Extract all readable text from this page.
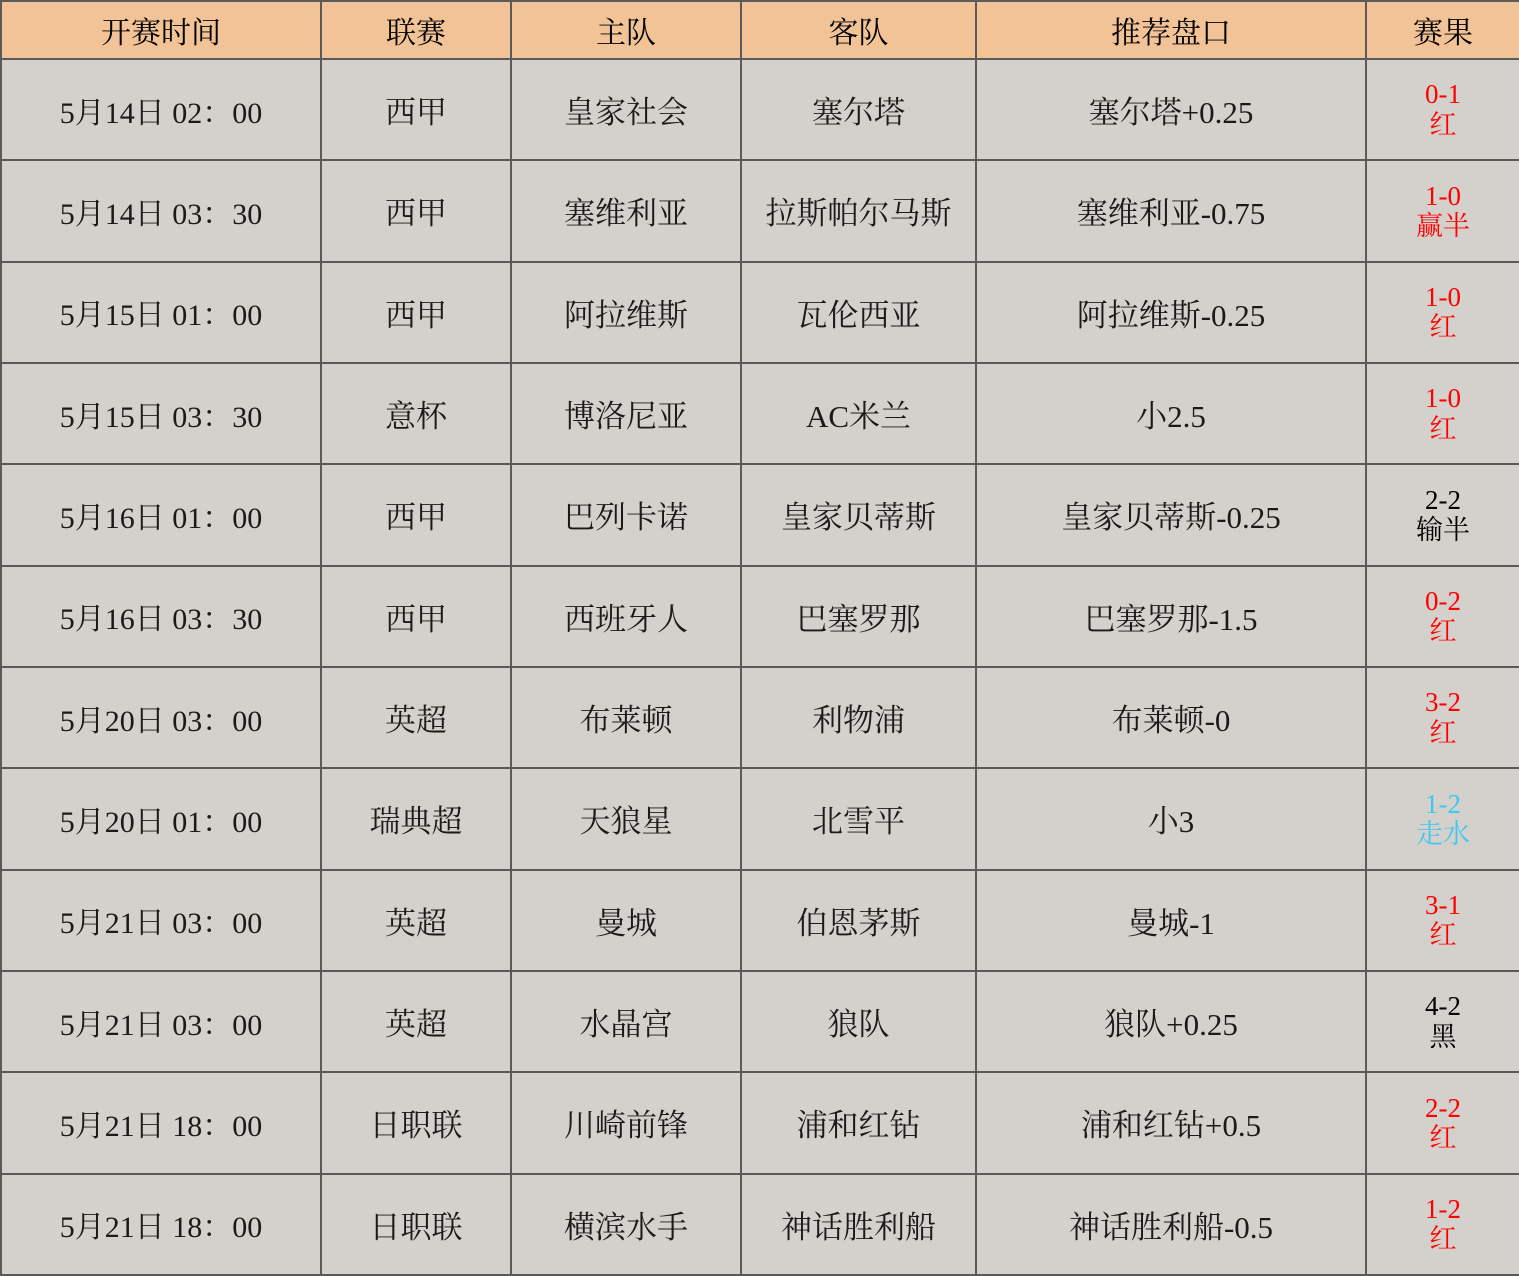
开赛时间	联赛	主队	客队	推荐盘口	赛果
5月14日 02：00	西甲	皇家社会	塞尔塔	塞尔塔+0.25	0-1
红

5月14日 03：30	西甲	塞维利亚	拉斯帕尔马斯	塞维利亚-0.75	1-0
赢半

5月15日 01：00	西甲	阿拉维斯	瓦伦西亚	阿拉维斯-0.25	1-0
红

5月15日 03：30	意杯	博洛尼亚	AC米兰	小2.5	1-0
红

5月16日 01：00	西甲	巴列卡诺	皇家贝蒂斯	皇家贝蒂斯-0.25	2-2
输半

5月16日 03：30	西甲	西班牙人	巴塞罗那	巴塞罗那-1.5	0-2
红

5月20日 03：00	英超	布莱顿	利物浦	布莱顿-0	3-2
红

5月20日 01：00	瑞典超	天狼星	北雪平	小3	1-2
走水

5月21日 03：00	英超	曼城	伯恩茅斯	曼城-1	3-1
红

5月21日 03：00	英超	水晶宫	狼队	狼队+0.25	4-2
黑

5月21日 18：00	日职联	川崎前锋	浦和红钻	浦和红钻+0.5	2-2
红

5月21日 18：00	日职联	横滨水手	神话胜利船	神话胜利船-0.5	1-2
红
